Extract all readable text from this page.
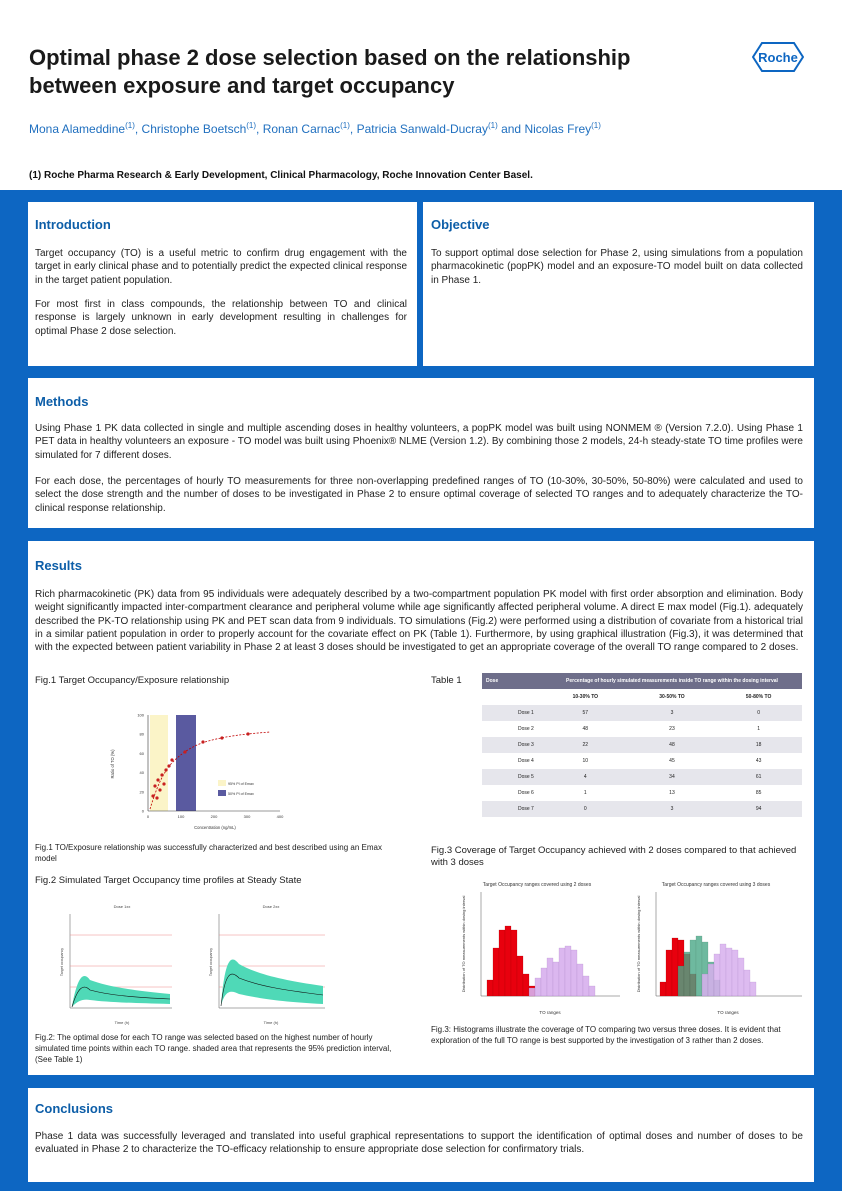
Optimal phase 2 dose selection based on the relationship between exposure and target occupancy
Roche
Mona Alameddine$^{(1)}$, Christophe Boetsch$^{(1)}$, Ronan Carnac$^{(1)}$, Patricia Sanwald-Ducray$^{(1)}$ and Nicolas Frey$^{(1)}$
(1) Roche Pharma Research & Early Development, Clinical Pharmacology, Roche Innovation Center Basel.
Introduction
Target occupancy (TO) is a useful metric to confirm drug engagement with the target in early clinical phase and to potentially predict the expected clinical response in the target patient population.
For most first in class compounds, the relationship between TO and clinical response is largely unknown in early development resulting in challenges for optimal Phase 2 dose selection.
Objective
To support optimal dose selection for Phase 2, using simulations from a population pharmacokinetic (popPK) model and an exposure-TO model built on data collected in Phase 1.
Methods
Using Phase 1 PK data collected in single and multiple ascending doses in healthy volunteers, a popPK model was built using NONMEM ® (Version 7.2.0). Using Phase 1 PET data in healthy volunteers an exposure - TO model was built using Phoenix® NLME (Version 1.2). By combining those 2 models, 24-h steady-state TO time profiles were simulated for 7 different doses.
For each dose, the percentages of hourly TO measurements for three non-overlapping predefined ranges of TO (10-30%, 30-50%, 50-80%) were calculated and used to select the dose strength and the number of doses to be investigated in Phase 2 to ensure optimal coverage of selected TO ranges and to adequately characterize the TO-clinical response relationship.
Results
Rich pharmacokinetic (PK) data from 95 individuals were adequately described by a two-compartment population PK model with first order absorption and elimination. Body weight significantly impacted inter-compartment clearance and peripheral volume while age significantly affected peripheral volume. A direct E max model (Fig.1). adequately described the PK-TO relationship using PK and PET scan data from 9 individuals. TO simulations (Fig.2) were performed using a distribution of covariate from a historical trial in a similar patient population in order to properly account for the covariate effect on PK (Table 1). Furthermore, by using graphical illustration (Fig.3), it was determined that with the expected between patient variability in Phase 2 at least 3 doses should be investigated to get an appropriate coverage of the overall TO range compared to 2 doses.
Fig.1 Target Occupancy/Exposure relationship
100
80
60
40
20
0
0	100	200	300	400
95% PI of Emax
50% PI of Emax
Concentration (ng/mL)
Ratio of TO (%)
Fig.1 TO/Exposure relationship was successfully characterized and best described using an Emax model
Table 1	Dose	Percentage of hourly simulated measurements inside TO range within the dosing interval		
	10-30% TO	30-50% TO	50-80% TO
Dose 1	57	3	0
Dose 2	48	23	1
Dose 3	22	48	18
Dose 4	10	45	43
Dose 5	4	34	61
Dose 6	1	13	85
Dose 7	0	3	94
Fig.3 Coverage of Target Occupancy achieved with 2 doses compared to that achieved with 3 doses
Fig.2 Simulated Target Occupancy time profiles at Steady State
Dose 1xx
Time (h)
Target occupancy
Dose 2xx
Time (h)
Target occupancy
Fig.2: The optimal dose for each TO range was selected based on the highest number of hourly simulated time points within each TO range. shaded area that represents the 95% prediction interval, (See Table 1)
Target Occupancy ranges covered using 2 doses
TO ranges
Distribution of TO measurements within dosing interval
Target Occupancy ranges covered using 3 doses
TO ranges
Distribution of TO measurements within dosing interval
Fig.3: Histograms illustrate the coverage of TO comparing two versus three doses. It is evident that exploration of the full TO range is best supported by the investigation of 3 rather than 2 doses.
Conclusions
Phase 1 data was successfully leveraged and translated into useful graphical representations to support the identification of optimal doses and number of doses to be evaluated in Phase 2 to characterize the TO-efficacy relationship to ensure appropriate dose selection for confirmatory trials.
